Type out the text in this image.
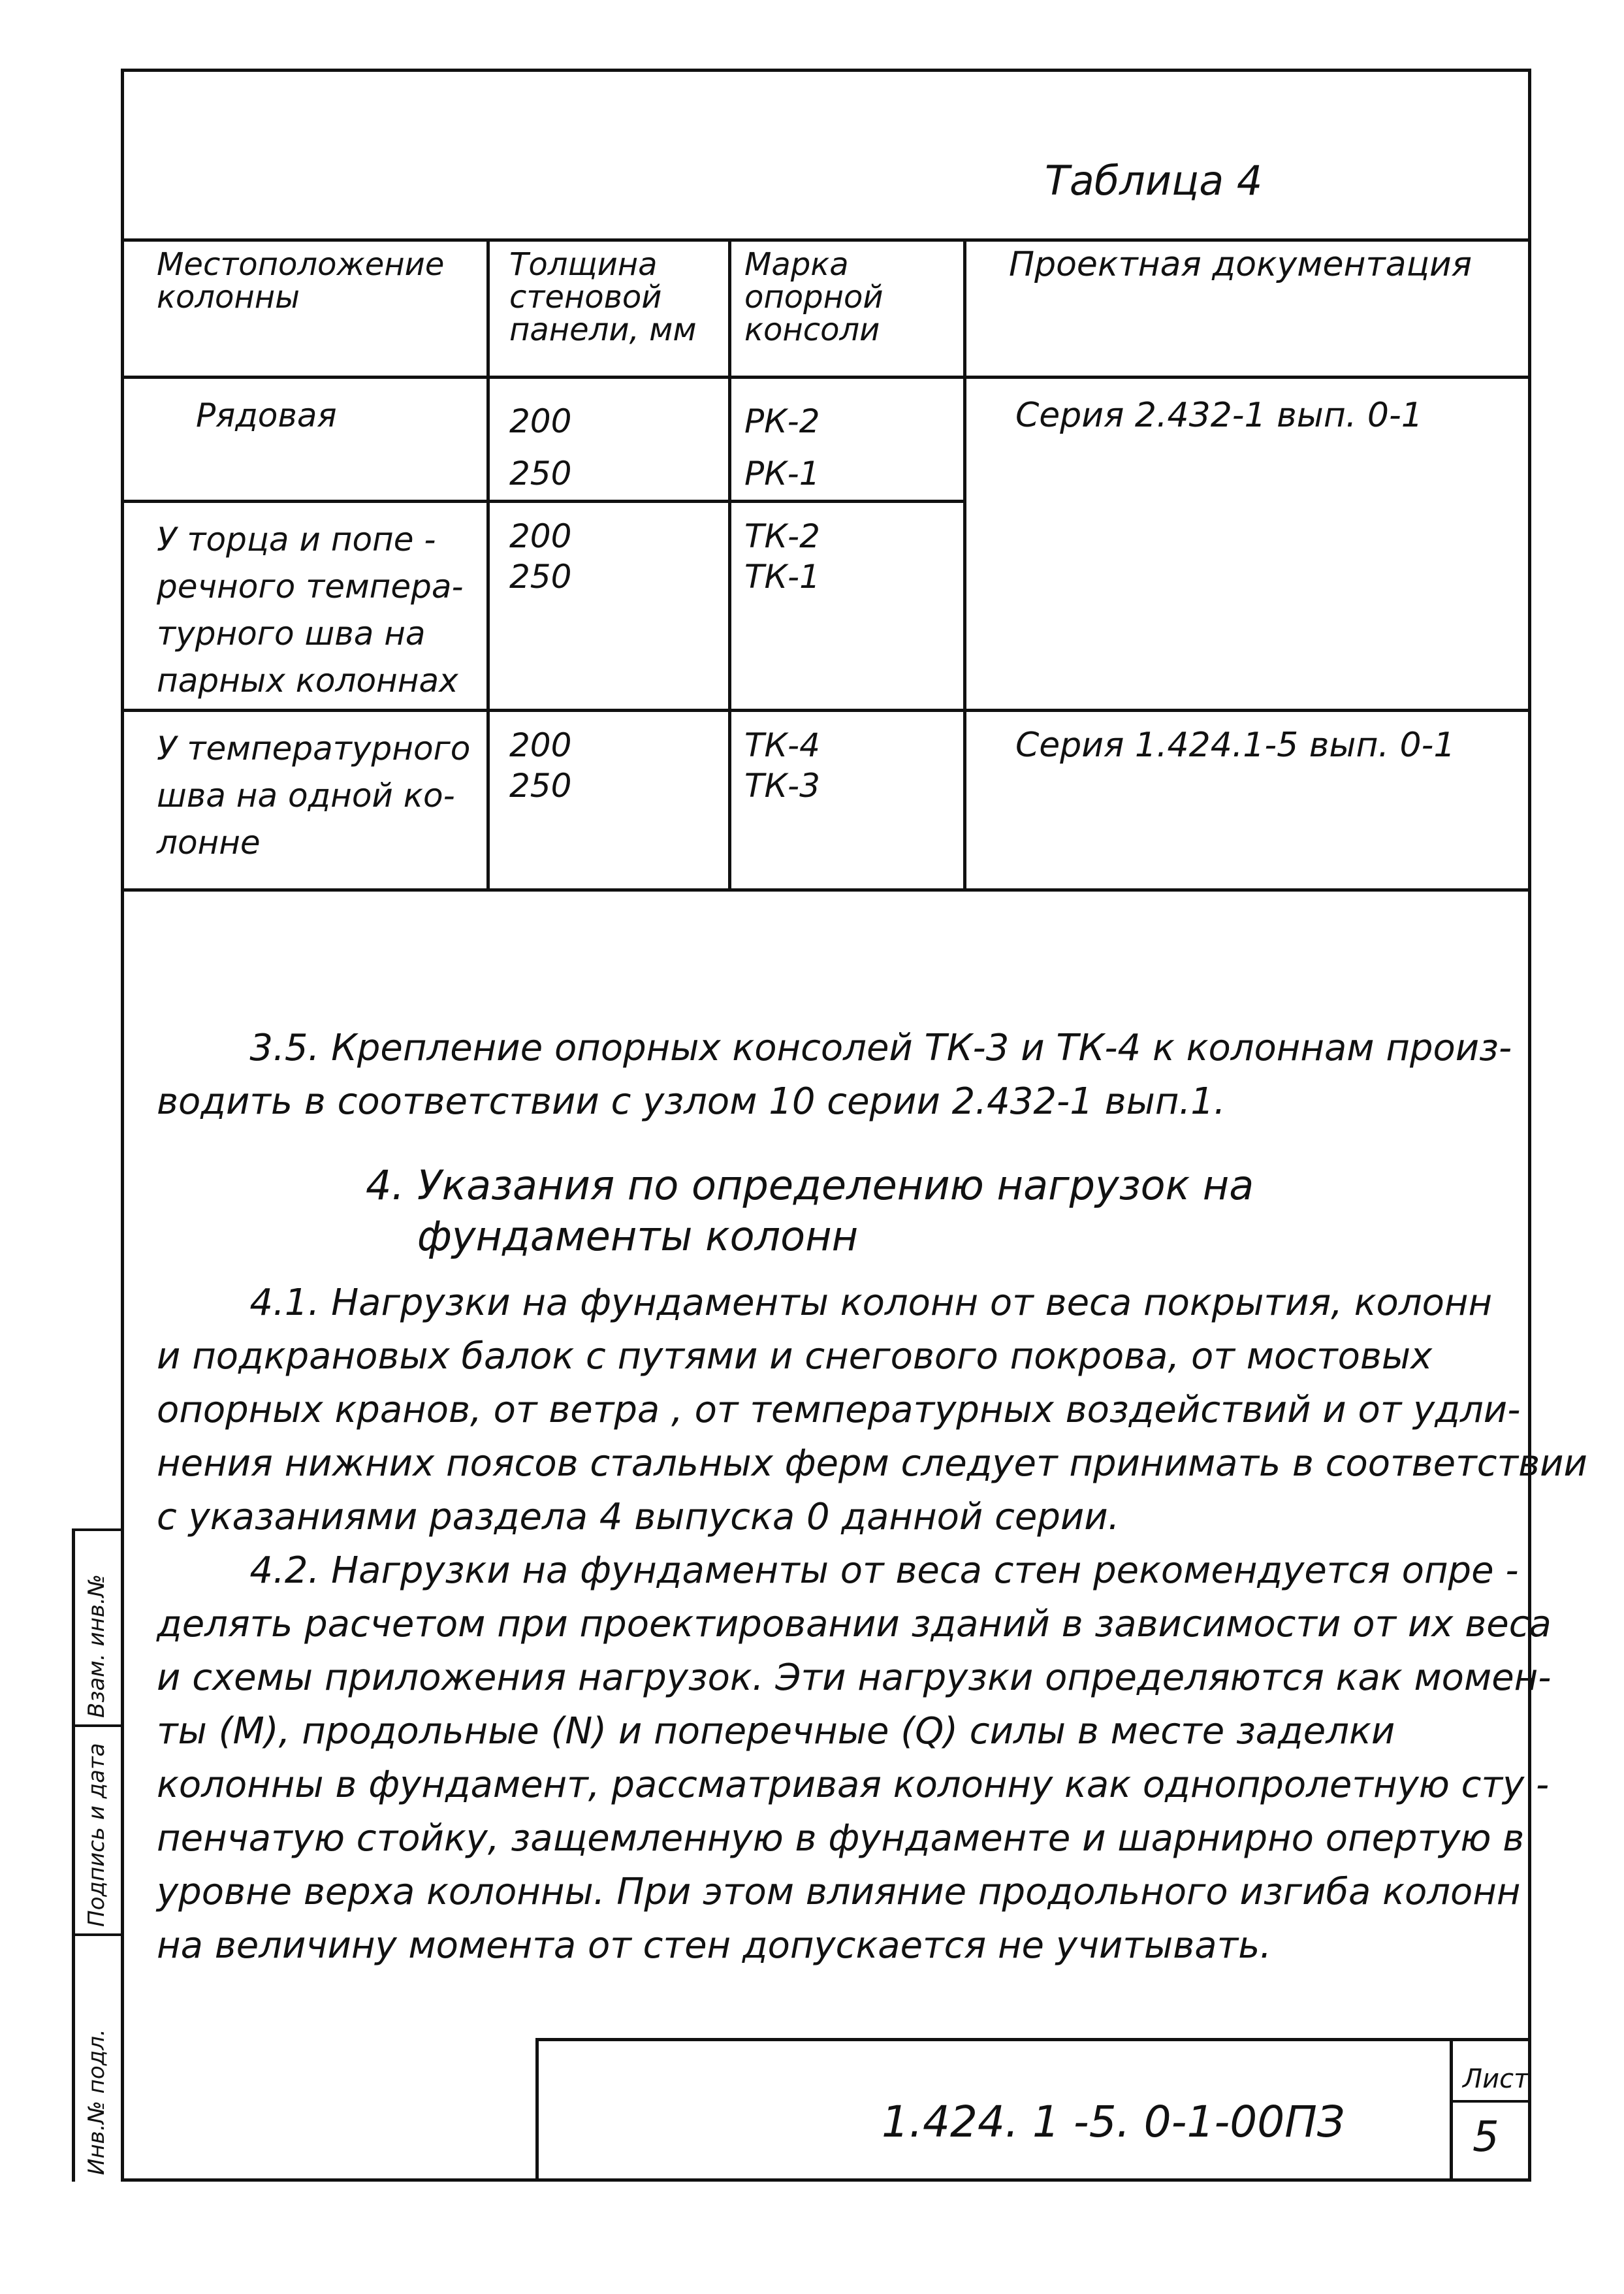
Таблица 4
Местоположение
колонны
Толщина
стеновой
панели, мм
Марка
опорной
консоли
Проектная документация
Рядовая	200
250
РК-2
РК-1
Серия 2.432-1 вып. 0-1
У торца и попе -
речного темпера-
турного шва на
парных колоннах
200
250
ТК-2
ТК-1
У температурного
шва на одной ко-
лонне
200
250
ТК-4
ТК-3
Серия 1.424.1-5 вып. 0-1

3.5. Крепление опорных консолей ТК-3 и ТК-4 к колоннам произ-
водить в соответствии с узлом 10 серии 2.432-1 вып.1.

4. Указания по определению нагрузок на
фундаменты колонн

4.1. Нагрузки на фундаменты колонн от веса покрытия, колонн
и подкрановых балок с путями и снегового покрова, от мостовых
опорных кранов, от ветра , от температурных воздействий и от удли-
нения нижних поясов стальных ферм следует принимать в соответствии
с указаниями раздела 4 выпуска 0 данной серии.

4.2. Нагрузки на фундаменты от веса стен рекомендуется опре -
делять расчетом при проектировании зданий в зависимости от их веса
и схемы приложения нагрузок. Эти нагрузки определяются как момен-
ты (M), продольные (N) и поперечные (Q) силы в месте заделки
колонны в фундамент, рассматривая колонну как однопролетную сту -
пенчатую стойку, защемленную в фундаменте и шарнирно опертую в
уровне верха колонны. При этом влияние продольного изгиба колонн
на величину момента от стен допускается не учитывать.

Взам. инв.№
Подпись и дата
Инв.№ подл.	1.424. 1 -5. 0-1-00ПЗ
Лист
5
